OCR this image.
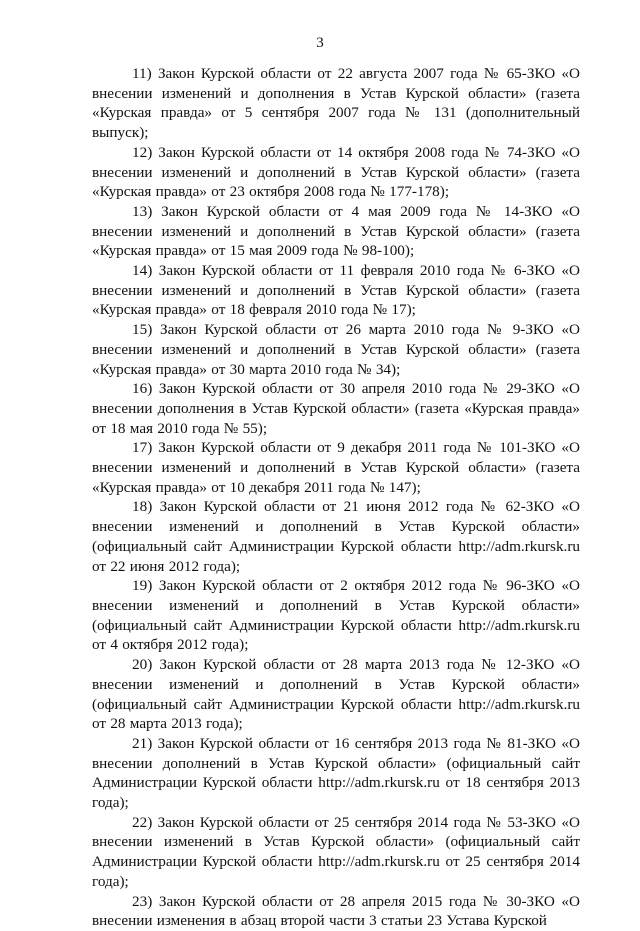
3

11) Закон Курской области от 22 августа 2007 года № 65-ЗКО «О внесении изменений и дополнения в Устав Курской области» (газета «Курская правда» от 5 сентября 2007 года № 131 (дополнительный выпуск);

12) Закон Курской области от 14 октября 2008 года № 74-ЗКО «О внесении изменений и дополнений в Устав Курской области» (газета «Курская правда» от 23 октября 2008 года № 177-178);

13) Закон Курской области от 4 мая 2009 года № 14-ЗКО «О внесении изменений и дополнений в Устав Курской области» (газета «Курская правда» от 15 мая 2009 года № 98-100);

14) Закон Курской области от 11 февраля 2010 года № 6-ЗКО «О внесении изменений и дополнений в Устав Курской области» (газета «Курская правда» от 18 февраля 2010 года № 17);

15) Закон Курской области от 26 марта 2010 года № 9-ЗКО «О внесении изменений и дополнений в Устав Курской области» (газета «Курская правда» от 30 марта 2010 года № 34);

16) Закон Курской области от 30 апреля 2010 года № 29-ЗКО «О внесении дополнения в Устав Курской области» (газета «Курская правда» от 18 мая 2010 года № 55);

17) Закон Курской области от 9 декабря 2011 года № 101-ЗКО «О внесении изменений и дополнений в Устав Курской области» (газета «Курская правда» от 10 декабря 2011 года № 147);

18) Закон Курской области от 21 июня 2012 года № 62-ЗКО «О внесении изменений и дополнений в Устав Курской области» (официальный сайт Администрации Курской области http://adm.rkursk.ru от 22 июня 2012 года);

19) Закон Курской области от 2 октября 2012 года № 96-ЗКО «О внесении изменений и дополнений в Устав Курской области» (официальный сайт Администрации Курской области http://adm.rkursk.ru от 4 октября 2012 года);

20) Закон Курской области от 28 марта 2013 года № 12-ЗКО «О внесении изменений и дополнений в Устав Курской области» (официальный сайт Администрации Курской области http://adm.rkursk.ru от 28 марта 2013 года);

21) Закон Курской области от 16 сентября 2013 года № 81-ЗКО «О внесении дополнений в Устав Курской области» (официальный сайт Администрации Курской области http://adm.rkursk.ru от 18 сентября 2013 года);

22) Закон Курской области от 25 сентября 2014 года № 53-ЗКО «О внесении изменений в Устав Курской области» (официальный сайт Администрации Курской области http://adm.rkursk.ru от 25 сентября 2014 года);

23) Закон Курской области от 28 апреля 2015 года № 30-ЗКО «О внесении изменения в абзац второй части 3 статьи 23 Устава Курской
